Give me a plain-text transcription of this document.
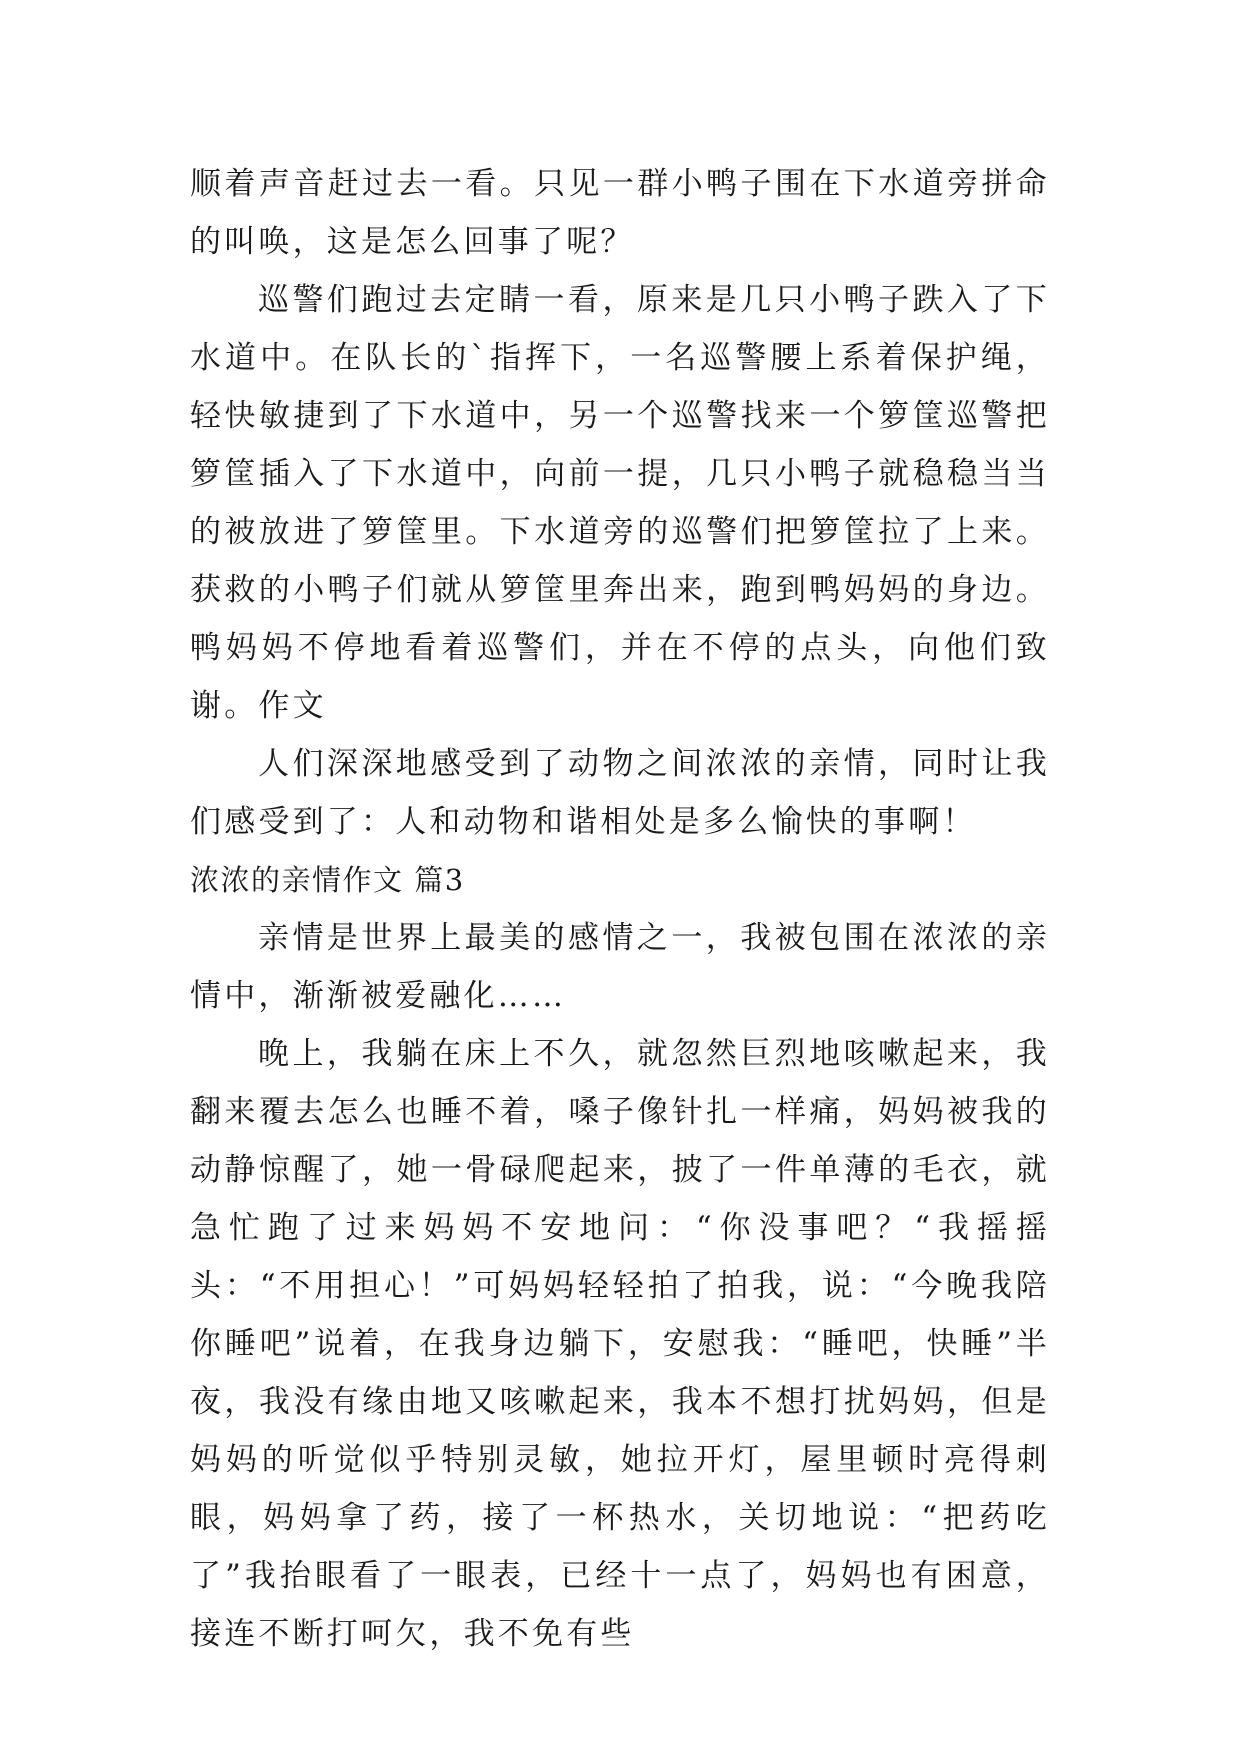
顺着声音赶过去一看。只见一群小鸭子围在下水道旁拼命的叫唤，这是怎么回事了呢？

巡警们跑过去定睛一看，原来是几只小鸭子跌入了下水道中。在队长的`指挥下，一名巡警腰上系着保护绳，轻快敏捷到了下水道中，另一个巡警找来一个箩筐巡警把箩筐插入了下水道中，向前一提，几只小鸭子就稳稳当当的被放进了箩筐里。下水道旁的巡警们把箩筐拉了上来。获救的小鸭子们就从箩筐里奔出来，跑到鸭妈妈的身边。鸭妈妈不停地看着巡警们，并在不停的点头，向他们致谢。作文

人们深深地感受到了动物之间浓浓的亲情，同时让我们感受到了：人和动物和谐相处是多么愉快的事啊！

浓浓的亲情作文 篇3

亲情是世界上最美的感情之一，我被包围在浓浓的亲情中，渐渐被爱融化……

晚上，我躺在床上不久，就忽然巨烈地咳嗽起来，我翻来覆去怎么也睡不着，嗓子像针扎一样痛，妈妈被我的动静惊醒了，她一骨碌爬起来，披了一件单薄的毛衣，就急忙跑了过来妈妈不安地问：“你没事吧？“我摇摇头：“不用担心！”可妈妈轻轻拍了拍我，说：“今晚我陪你睡吧”说着，在我身边躺下，安慰我：“睡吧，快睡”半夜，我没有缘由地又咳嗽起来，我本不想打扰妈妈，但是妈妈的听觉似乎特别灵敏，她拉开灯，屋里顿时亮得刺眼，妈妈拿了药，接了一杯热水，关切地说：“把药吃了”我抬眼看了一眼表，已经十一点了，妈妈也有困意，接连不断打呵欠，我不免有些
